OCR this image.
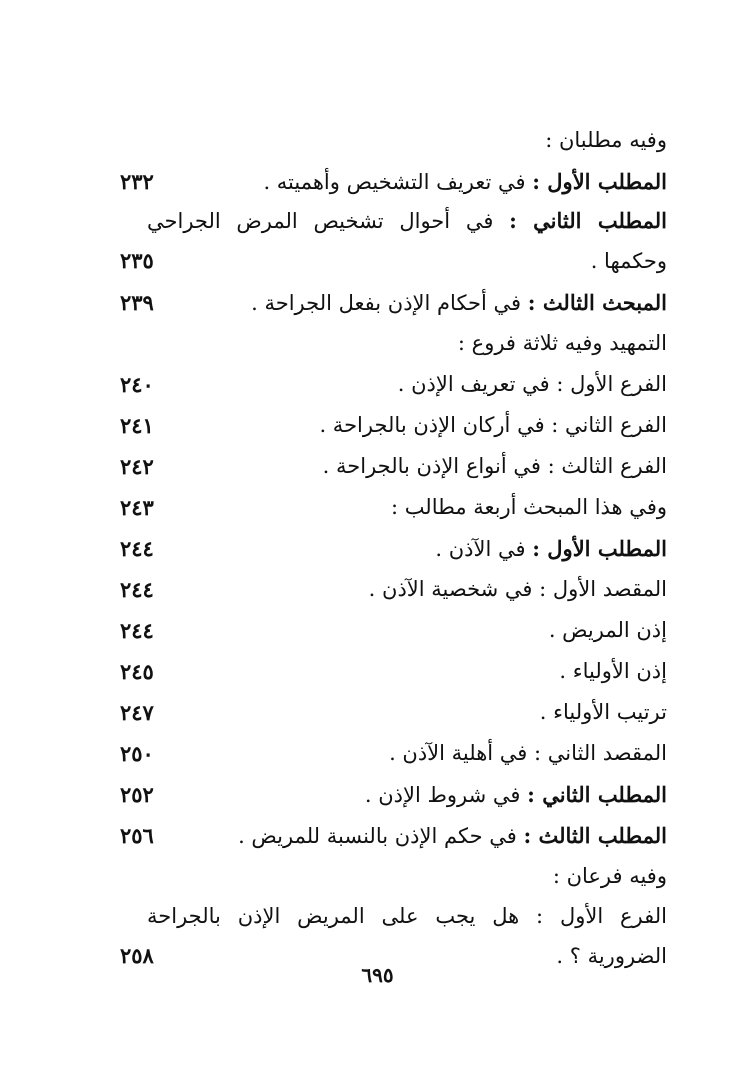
وفيه مطلبان :
المطلب الأول : في تعريف التشخيص وأهميته .
٢٣٢
المطلب الثاني : في أحوال تشخيص المرض الجراحي
وحكمها .
٢٣٥
المبحث الثالث : في أحكام الإذن بفعل الجراحة .
٢٣٩
التمهيد وفيه ثلاثة فروع :
الفرع الأول : في تعريف الإذن .
٢٤٠
الفرع الثاني : في أركان الإذن بالجراحة .
٢٤١
الفرع الثالث : في أنواع الإذن بالجراحة .
٢٤٢
وفي هذا المبحث أربعة مطالب :
٢٤٣
المطلب الأول : في الآذن .
٢٤٤
المقصد الأول : في شخصية الآذن .
٢٤٤
إذن المريض .
٢٤٤
إذن الأولياء .
٢٤٥
ترتيب الأولياء .
٢٤٧
المقصد الثاني : في أهلية الآذن .
٢٥٠
المطلب الثاني : في شروط الإذن .
٢٥٢
المطلب الثالث : في حكم الإذن بالنسبة للمريض .
٢٥٦
وفيه فرعان :
الفرع الأول : هل يجب على المريض الإذن بالجراحة
الضرورية ؟ .
٢٥٨
٦٩٥
